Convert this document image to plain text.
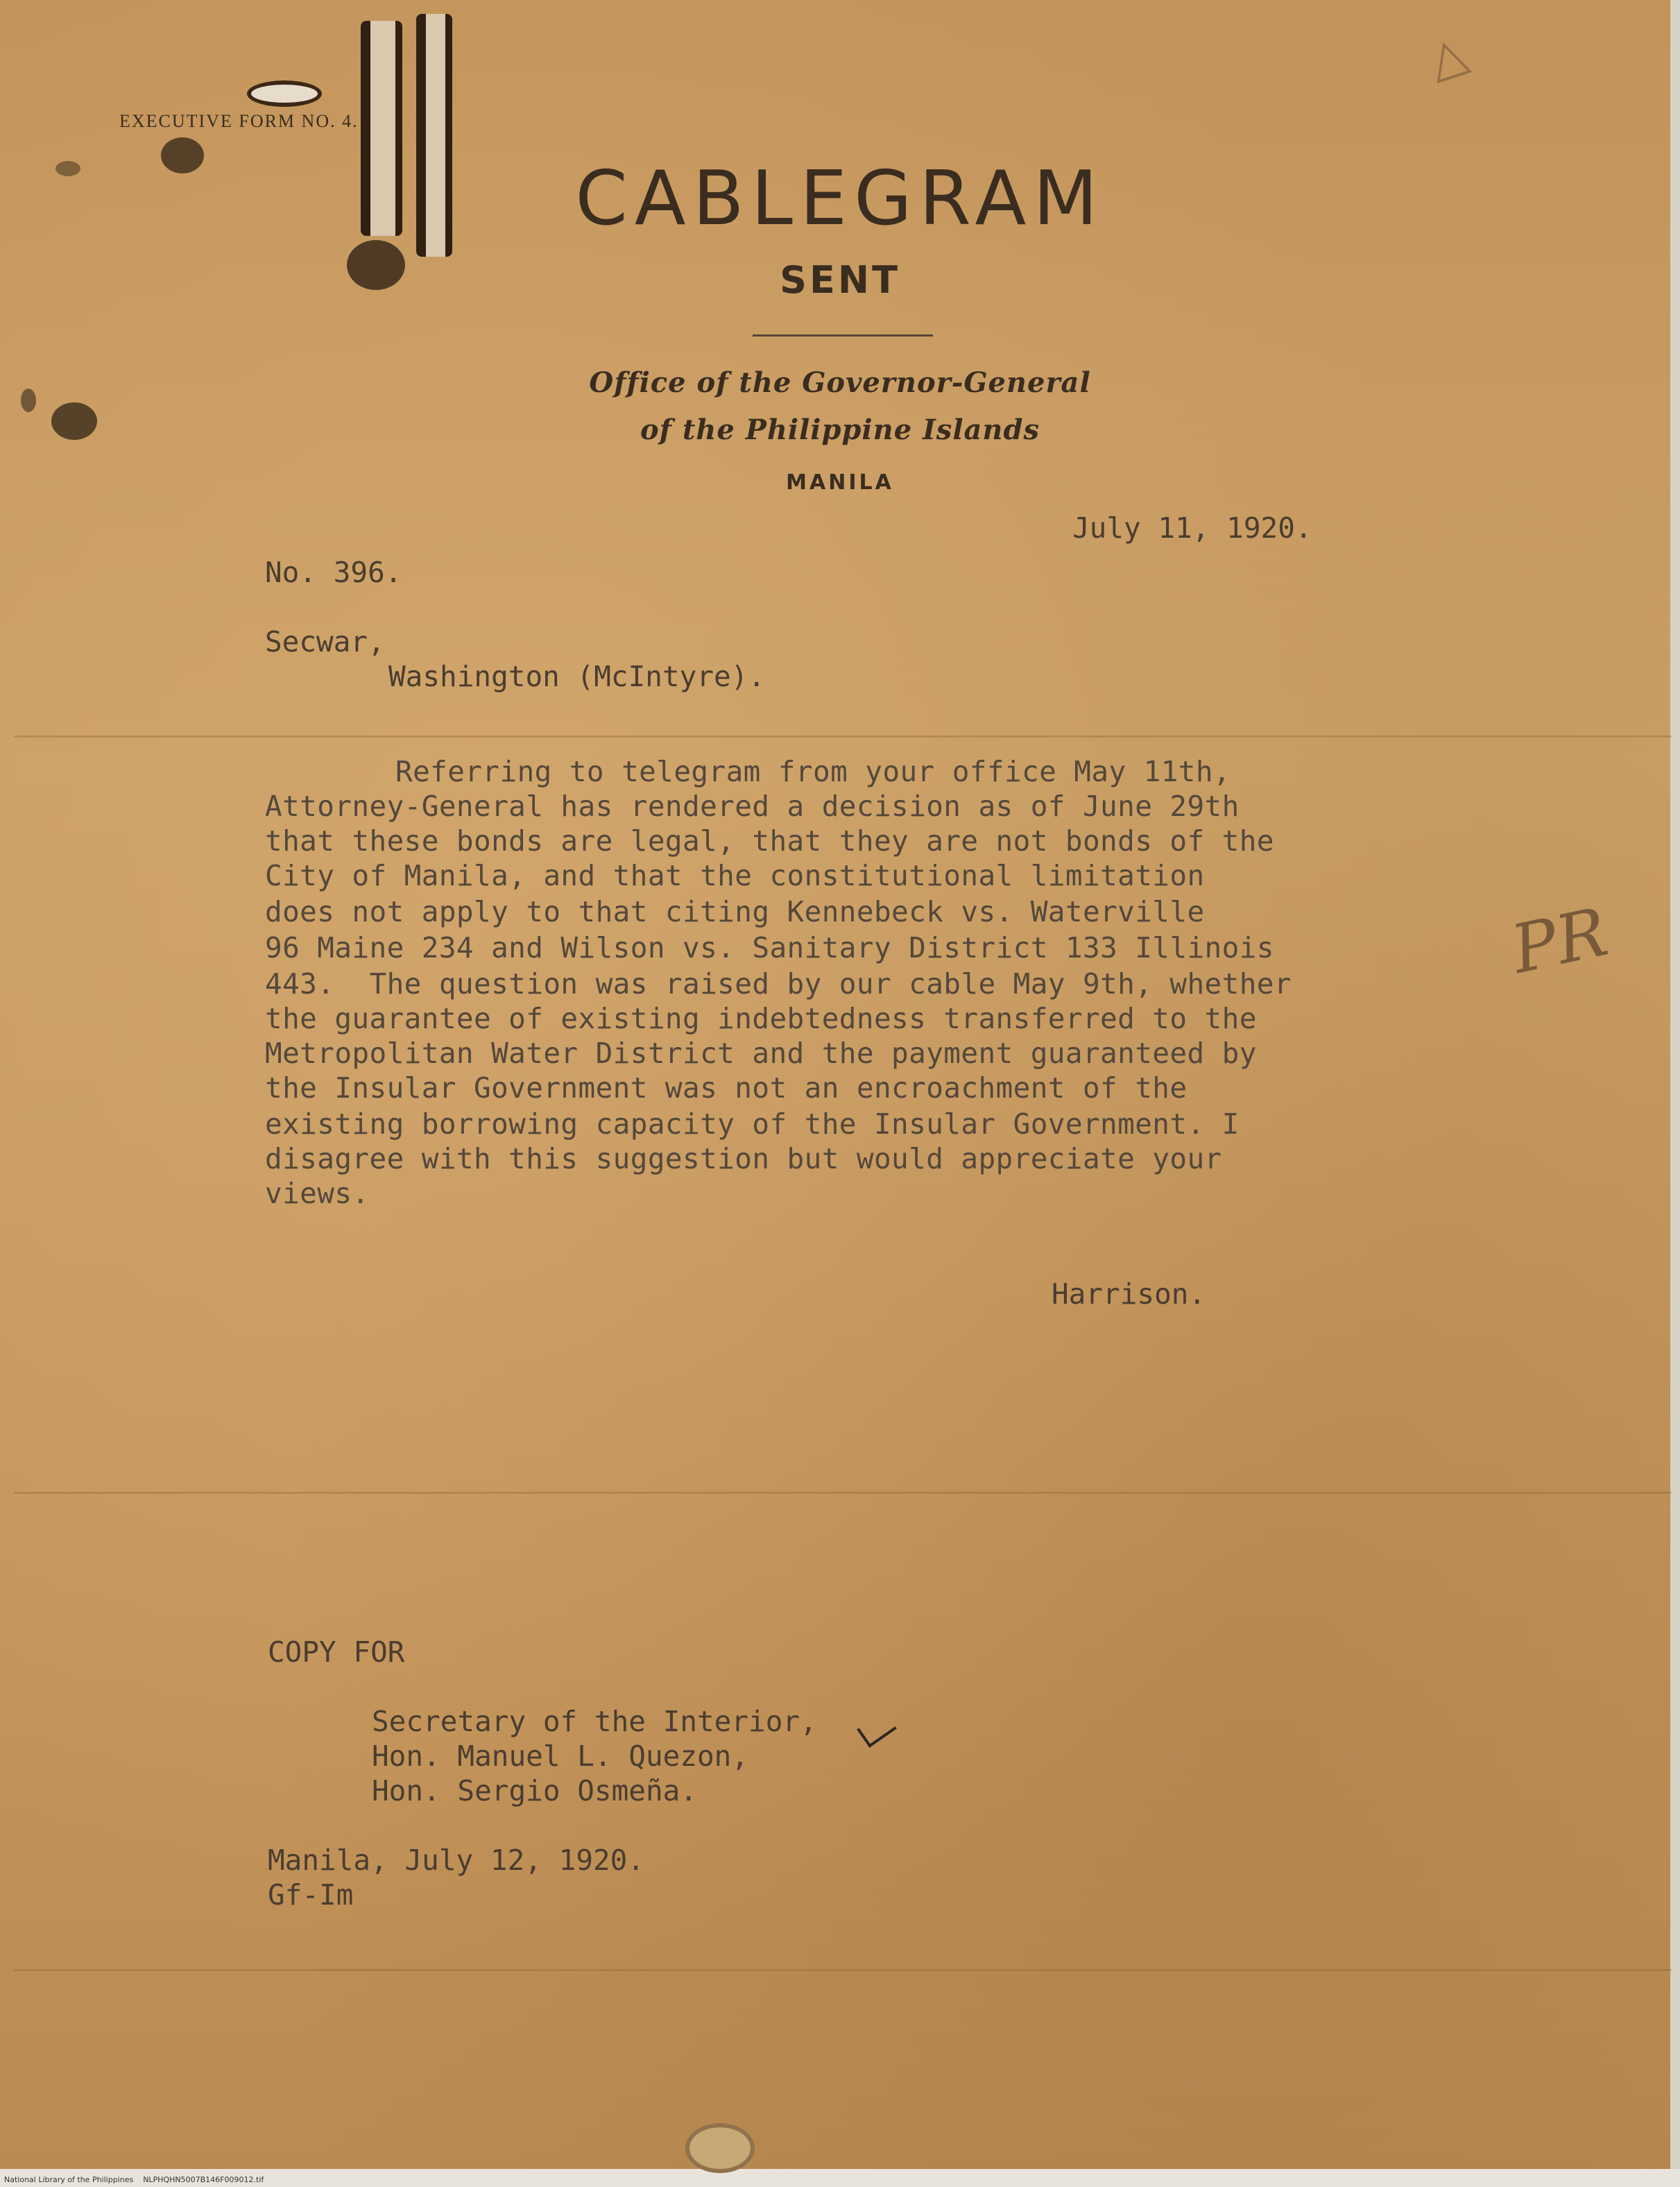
EXECUTIVE FORM NO. 4.
CABLEGRAM
SENT
Office of the Governor-General
of the Philippine Islands
MANILA
July 11, 1920.
No. 396.
Secwar,
Washington (McIntyre).
Referring to telegram from your office May 11th,
Attorney-General has rendered a decision as of June 29th
that these bonds are legal, that they are not bonds of the
City of Manila, and that the constitutional limitation
does not apply to that citing Kennebeck vs. Waterville
96 Maine 234 and Wilson vs. Sanitary District 133 Illinois
443.  The question was raised by our cable May 9th, whether
the guarantee of existing indebtedness transferred to the
Metropolitan Water District and the payment guaranteed by
the Insular Government was not an encroachment of the
existing borrowing capacity of the Insular Government. I
disagree with this suggestion but would appreciate your
views.
Harrison.
PR
△
COPY FOR
Secretary of the Interior,
Hon. Manuel L. Quezon,
Hon. Sergio Osmeña.
Manila, July 12, 1920.
Gf-Im
National Library of the Philippines    NLPHQHN5007B146F009012.tif
